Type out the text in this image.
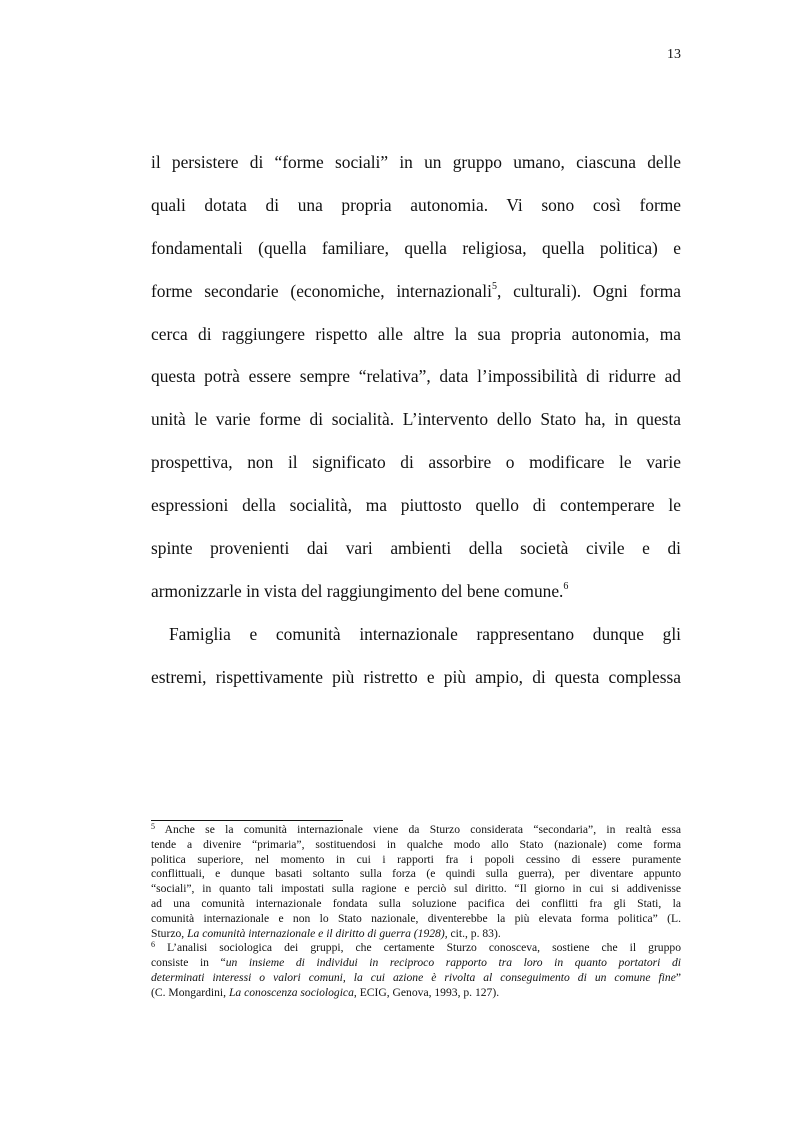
13
il persistere di “forme sociali” in un gruppo umano, ciascuna delle
quali dotata di una propria autonomia. Vi sono così forme
fondamentali (quella familiare, quella religiosa, quella politica) e
forme secondarie (economiche, internazionali$^5$, culturali). Ogni forma
cerca di raggiungere rispetto alle altre la sua propria autonomia, ma
questa potrà essere sempre “relativa”, data l’impossibilità di ridurre ad
unità le varie forme di socialità. L’intervento dello Stato ha, in questa
prospettiva, non il significato di assorbire o modificare le varie
espressioni della socialità, ma piuttosto quello di contemperare le
spinte provenienti dai vari ambienti della società civile e di
armonizzarle in vista del raggiungimento del bene comune.$^6$
Famiglia e comunità internazionale rappresentano dunque gli
estremi, rispettivamente più ristretto e più ampio, di questa complessa
$^5$ Anche se la comunità internazionale viene da Sturzo considerata “secondaria”, in realtà essa
tende a divenire “primaria”, sostituendosi in qualche modo allo Stato (nazionale) come forma
politica superiore, nel momento in cui i rapporti fra i popoli cessino di essere puramente
conflittuali, e dunque basati soltanto sulla forza (e quindi sulla guerra), per diventare appunto
“sociali”, in quanto tali impostati sulla ragione e perciò sul diritto. “Il giorno in cui si addivenisse
ad una comunità internazionale fondata sulla soluzione pacifica dei conflitti fra gli Stati, la
comunità internazionale e non lo Stato nazionale, diventerebbe la più elevata forma politica” (L.
Sturzo, La comunità internazionale e il diritto di guerra (1928), cit., p. 83).
$^6$ L’analisi sociologica dei gruppi, che certamente Sturzo conosceva, sostiene che il gruppo
consiste in “un insieme di individui in reciproco rapporto tra loro in quanto portatori di
determinati interessi o valori comuni, la cui azione è rivolta al conseguimento di un comune fine”
(C. Mongardini, La conoscenza sociologica, ECIG, Genova, 1993, p. 127).
